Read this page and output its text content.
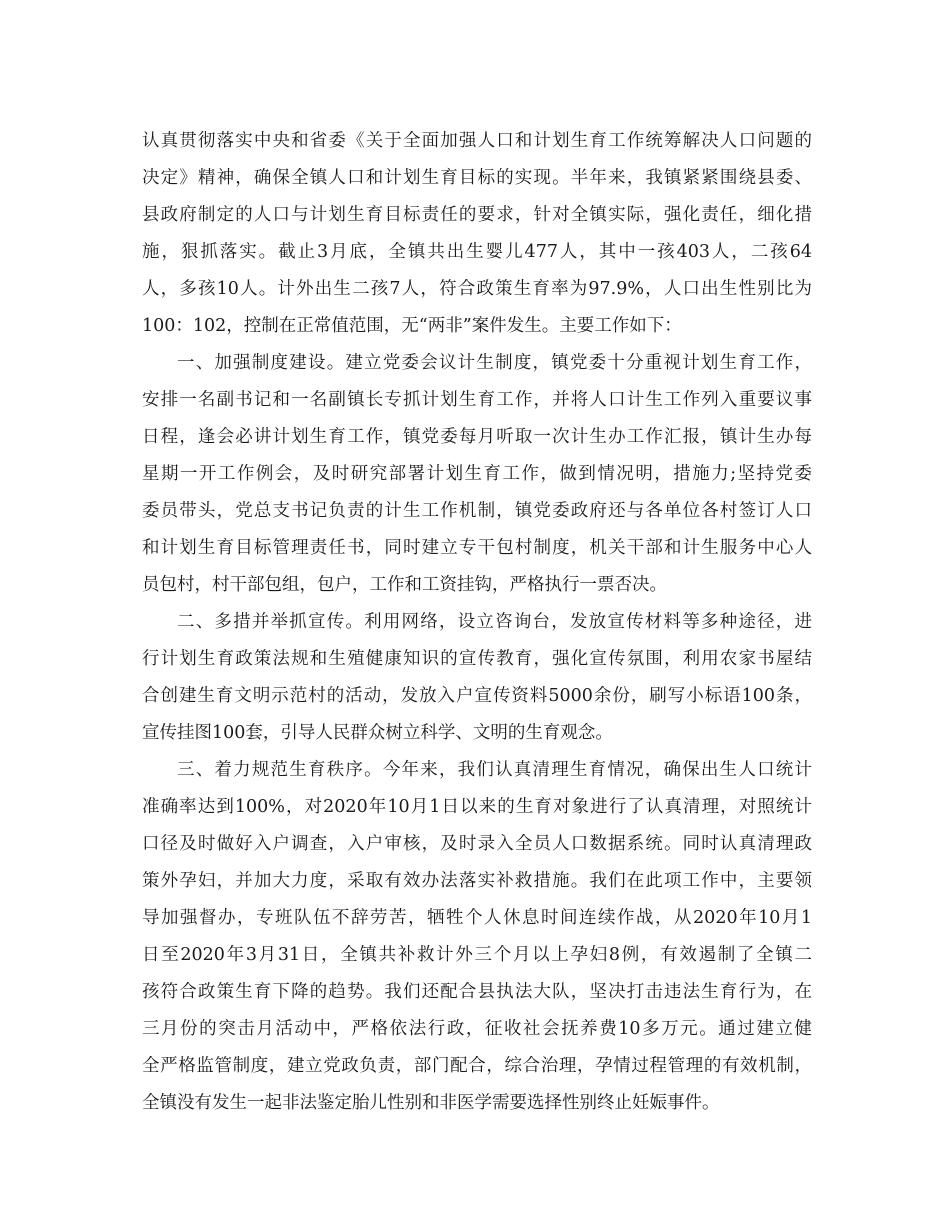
认真贯彻落实中央和省委《关于全面加强人口和计划生育工作统筹解决人口问题的
决定》精神，确保全镇人口和计划生育目标的实现。半年来，我镇紧紧围绕县委、
县政府制定的人口与计划生育目标责任的要求，针对全镇实际，强化责任，细化措
施，狠抓落实。截止3月底，全镇共出生婴儿477人，其中一孩403人，二孩64
人，多孩10人。计外出生二孩7人，符合政策生育率为97.9%，人口出生性别比为
100：102，控制在正常值范围，无“两非”案件发生。主要工作如下：
一、加强制度建设。建立党委会议计生制度，镇党委十分重视计划生育工作，
安排一名副书记和一名副镇长专抓计划生育工作，并将人口计生工作列入重要议事
日程，逢会必讲计划生育工作，镇党委每月听取一次计生办工作汇报，镇计生办每
星期一开工作例会，及时研究部署计划生育工作，做到情况明，措施力;坚持党委
委员带头，党总支书记负责的计生工作机制，镇党委政府还与各单位各村签订人口
和计划生育目标管理责任书，同时建立专干包村制度，机关干部和计生服务中心人
员包村，村干部包组，包户，工作和工资挂钩，严格执行一票否决。
二、多措并举抓宣传。利用网络，设立咨询台，发放宣传材料等多种途径，进
行计划生育政策法规和生殖健康知识的宣传教育，强化宣传氛围，利用农家书屋结
合创建生育文明示范村的活动，发放入户宣传资料5000余份，刷写小标语100条，
宣传挂图100套，引导人民群众树立科学、文明的生育观念。
三、着力规范生育秩序。今年来，我们认真清理生育情况，确保出生人口统计
准确率达到100%，对2020年10月1日以来的生育对象进行了认真清理，对照统计
口径及时做好入户调查，入户审核，及时录入全员人口数据系统。同时认真清理政
策外孕妇，并加大力度，采取有效办法落实补救措施。我们在此项工作中，主要领
导加强督办，专班队伍不辞劳苦，牺牲个人休息时间连续作战，从2020年10月1
日至2020年3月31日，全镇共补救计外三个月以上孕妇8例，有效遏制了全镇二
孩符合政策生育下降的趋势。我们还配合县执法大队，坚决打击违法生育行为，在
三月份的突击月活动中，严格依法行政，征收社会抚养费10多万元。通过建立健
全严格监管制度，建立党政负责，部门配合，综合治理，孕情过程管理的有效机制，
全镇没有发生一起非法鉴定胎儿性别和非医学需要选择性别终止妊娠事件。
